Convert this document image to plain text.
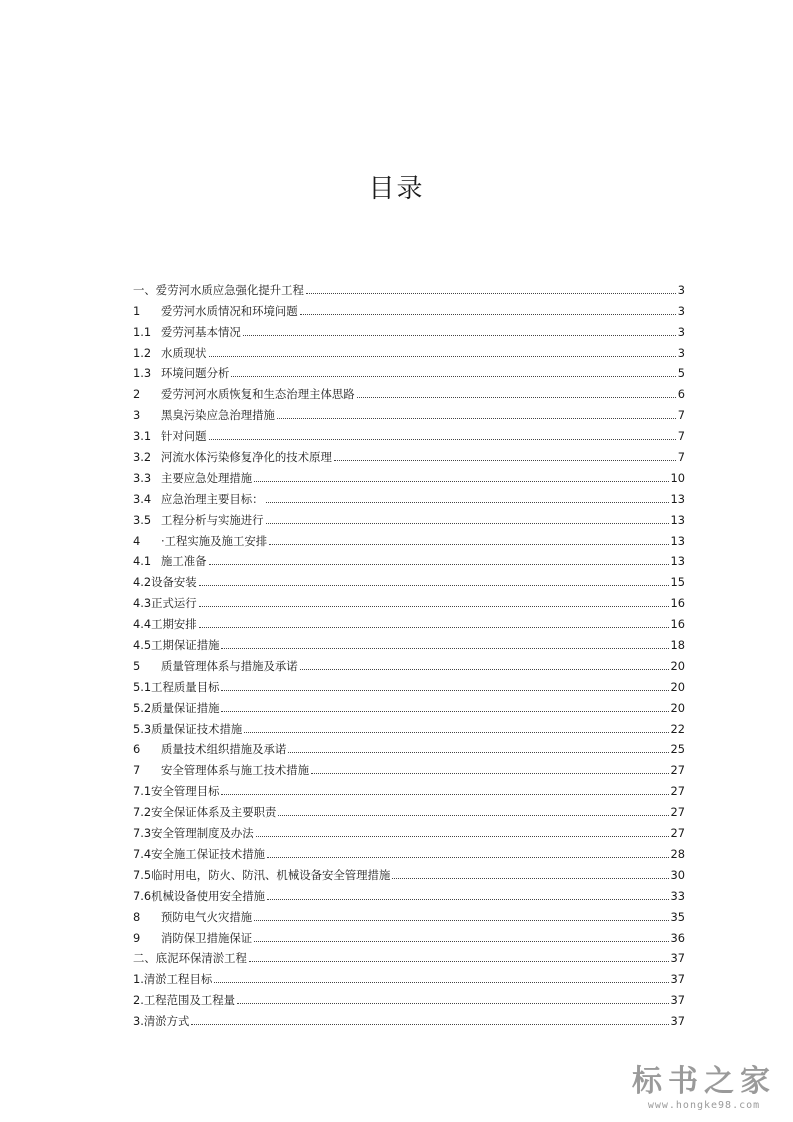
目录
一、 爱劳河水质应急强化提升工程	3
1	爱劳河水质情况和环境问题	3
1.1 爱劳河基本情况	3
1.2 水质现状	3
1.3 环境问题分析	5
2	爱劳河河水质恢复和生态治理主体思路	6
3	黑臭污染应急治理措施	7
3.1 针对问题	7
3.2 河流水体污染修复净化的技术原理	7
3.3 主要应急处理措施	10
3.4 应急治理主要目标：	13
3.5 工程分析与实施进行	13
4	·工程实施及施工安排	13
4.1 施工准备	13
4.2 设备安装	15
4.3 正式运行	16
4.4 工期安排	16
4.5 工期保证措施	18
5	质量管理体系与措施及承诺	20
5.1 工程质量目标	20
5.2 质量保证措施	20
5.3 质量保证技术措施	22
6	质量技术组织措施及承诺	25
7	安全管理体系与施工技术措施	27
7.1 安全管理目标	27
7.2 安全保证体系及主要职责	27
7.3 安全管理制度及办法	27
7.4 安全施工保证技术措施	28
7.5 临时用电，防火、防汛、机械设备安全管理措施	30
7.6 机械设备使用安全措施	33
8	预防电气火灾措施	35
9	消防保卫措施保证	36
二、 底泥环保清淤工程	37
1. 清淤工程目标	37
2. 工程范围及工程量	37
3. 清淤方式	37
标书之家
www.hongke98.com
